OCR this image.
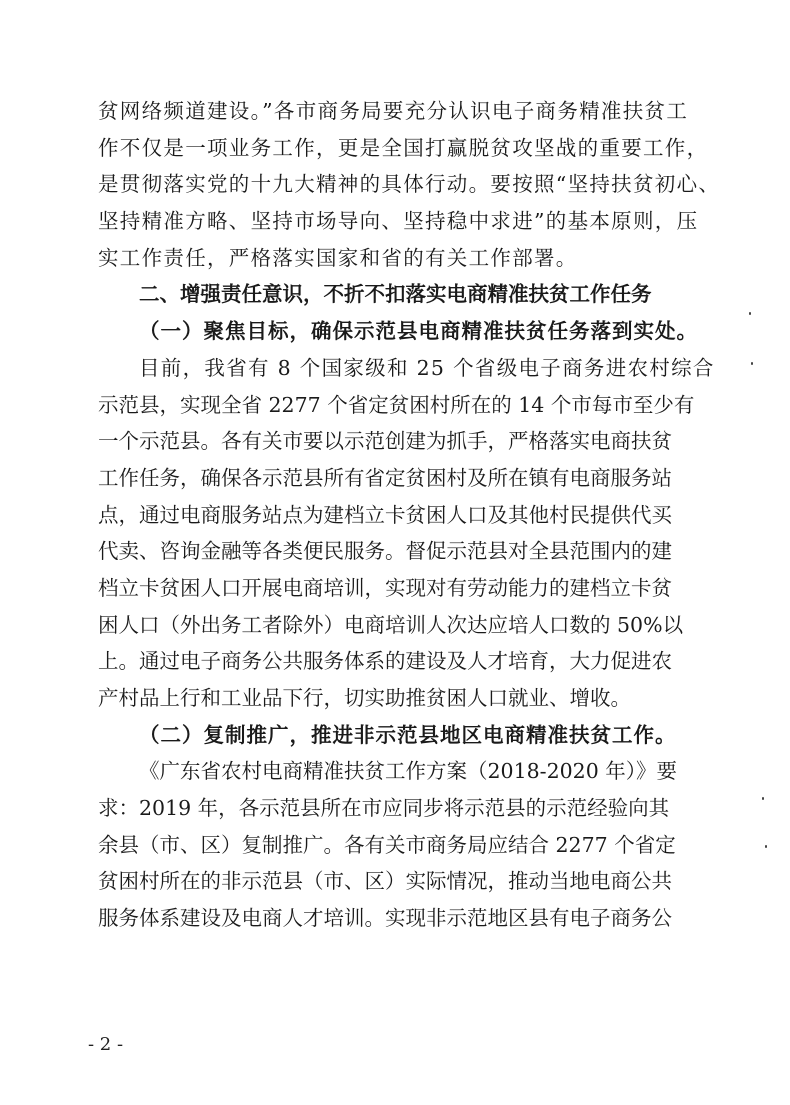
贫网络频道建设。”各市商务局要充分认识电子商务精准扶贫工
作不仅是一项业务工作，更是全国打赢脱贫攻坚战的重要工作，
是贯彻落实党的十九大精神的具体行动。要按照“坚持扶贫初心、
坚持精准方略、坚持市场导向、坚持稳中求进”的基本原则，压
实工作责任，严格落实国家和省的有关工作部署。
二、增强责任意识，不折不扣落实电商精准扶贫工作任务
（一）聚焦目标，确保示范县电商精准扶贫任务落到实处。
目前，我省有 8 个国家级和 25 个省级电子商务进农村综合
示范县，实现全省 2277 个省定贫困村所在的 14 个市每市至少有
一个示范县。各有关市要以示范创建为抓手，严格落实电商扶贫
工作任务，确保各示范县所有省定贫困村及所在镇有电商服务站
点，通过电商服务站点为建档立卡贫困人口及其他村民提供代买
代卖、咨询金融等各类便民服务。督促示范县对全县范围内的建
档立卡贫困人口开展电商培训，实现对有劳动能力的建档立卡贫
困人口（外出务工者除外）电商培训人次达应培人口数的 50%以
上。通过电子商务公共服务体系的建设及人才培育，大力促进农
产村品上行和工业品下行，切实助推贫困人口就业、增收。
（二）复制推广，推进非示范县地区电商精准扶贫工作。
《广东省农村电商精准扶贫工作方案（2018-2020 年）》要
求：2019 年，各示范县所在市应同步将示范县的示范经验向其
余县（市、区）复制推广。各有关市商务局应结合 2277 个省定
贫困村所在的非示范县（市、区）实际情况，推动当地电商公共
服务体系建设及电商人才培训。实现非示范地区县有电子商务公
- 2 -
